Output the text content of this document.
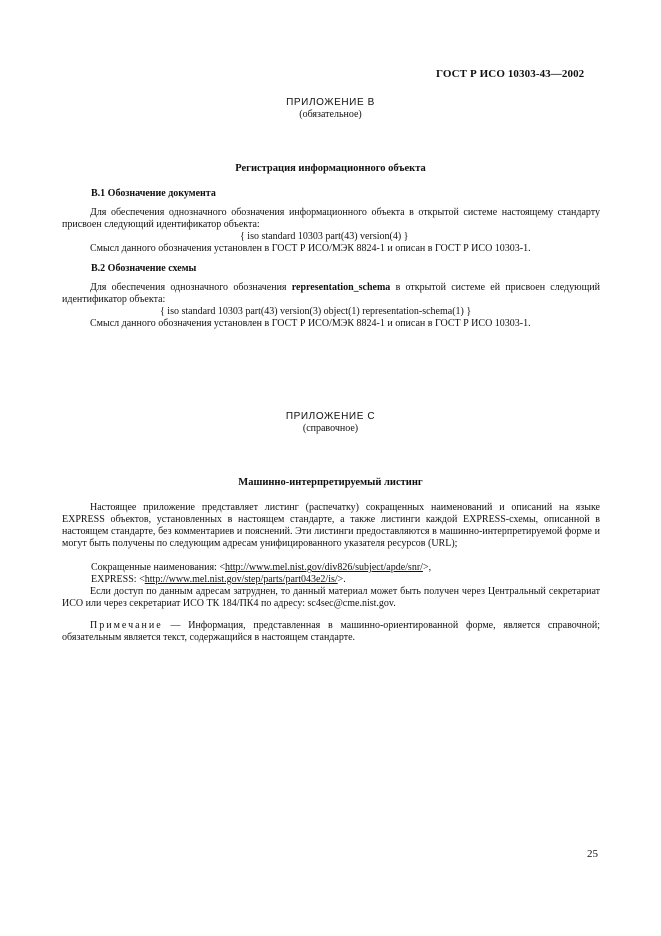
ГОСТ Р ИСО 10303-43—2002
ПРИЛОЖЕНИЕ В
(обязательное)
Регистрация информационного объекта
В.1 Обозначение документа
Для обеспечения однозначного обозначения информационного объекта в открытой системе настоящему стандарту присвоен следующий идентификатор объекта:
{ iso standard 10303 part(43) version(4) }
Смысл данного обозначения установлен в ГОСТ Р ИСО/МЭК 8824-1 и описан в ГОСТ Р ИСО 10303-1.
В.2 Обозначение схемы
Для обеспечения однозначного обозначения representation_schema в открытой системе ей присвоен следующий идентификатор объекта:
{ iso standard 10303 part(43) version(3) object(1) representation-schema(1) }
Смысл данного обозначения установлен в ГОСТ Р ИСО/МЭК 8824-1 и описан в ГОСТ Р ИСО 10303-1.
ПРИЛОЖЕНИЕ С
(справочное)
Машинно-интерпретируемый листинг
Настоящее приложение представляет листинг (распечатку) сокращенных наименований и описаний на языке EXPRESS объектов, установленных в настоящем стандарте, а также листинги каждой EXPRESS-схемы, описанной в настоящем стандарте, без комментариев и пояснений. Эти листинги предоставляются в машинно-интерпретируемой форме и могут быть получены по следующим адресам унифицированного указателя ресурсов (URL);
Сокращенные наименования: <http://www.mel.nist.gov/div826/subject/apde/snr/>,
EXPRESS: <http://www.mel.nist.gov/step/parts/part043e2/is/>.
Если доступ по данным адресам затруднен, то данный материал может быть получен через Центральный секретариат ИСО или через секретариат ИСО ТК 184/ПК4 по адресу: sc4sec@cme.nist.gov.
Примечание — Информация, представленная в машинно-ориентированной форме, является справочной; обязательным является текст, содержащийся в настоящем стандарте.
25
